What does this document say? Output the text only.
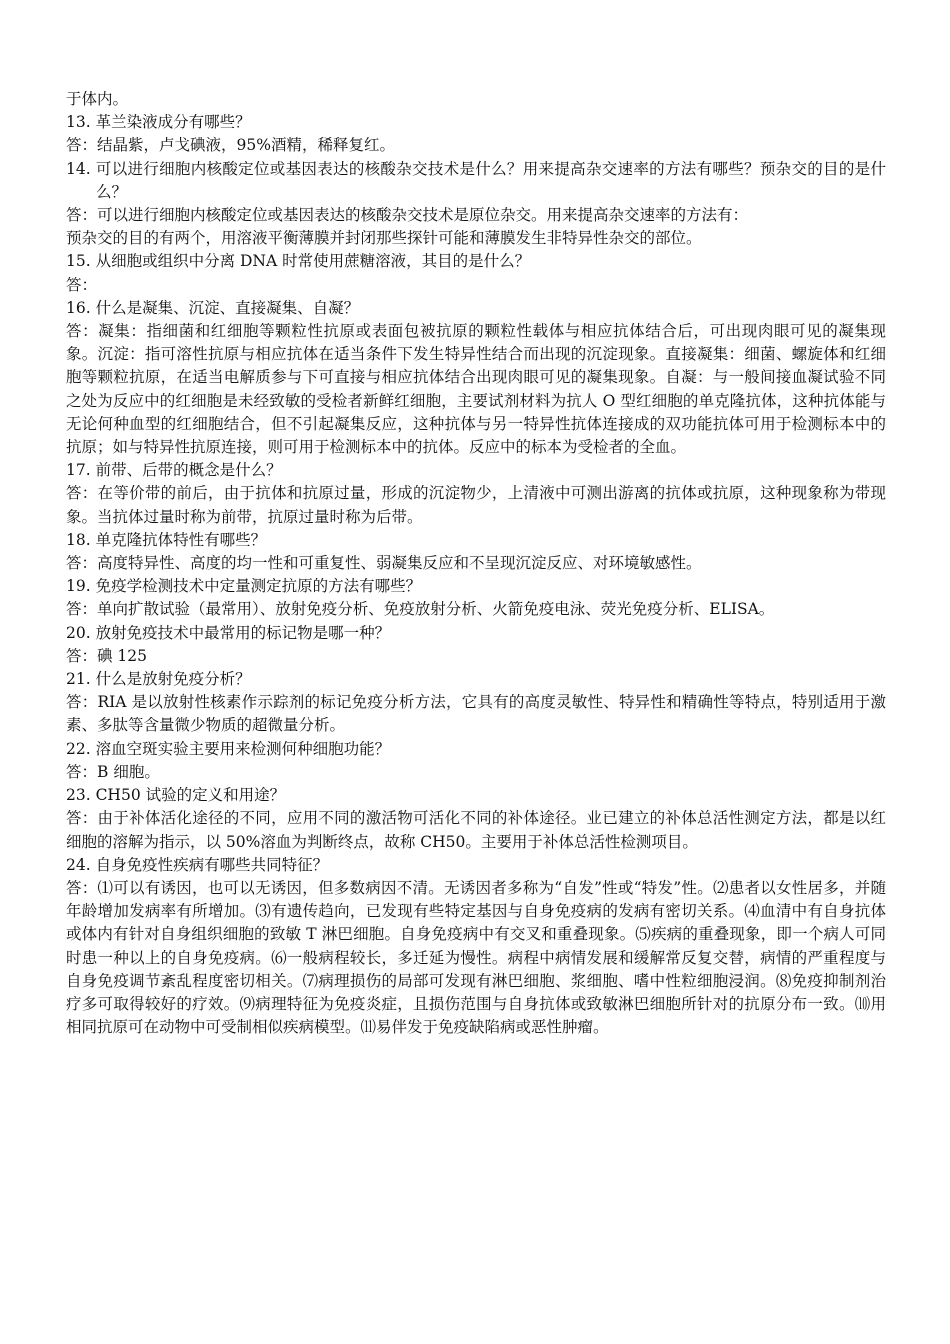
于体内。

13. 革兰染液成分有哪些？

答：结晶紫，卢戈碘液，95%酒精，稀释复红。

14. 可以进行细胞内核酸定位或基因表达的核酸杂交技术是什么？用来提高杂交速率的方法有哪些？预杂交的目的是什么？

答：可以进行细胞内核酸定位或基因表达的核酸杂交技术是原位杂交。用来提高杂交速率的方法有：

预杂交的目的有两个，用溶液平衡薄膜并封闭那些探针可能和薄膜发生非特异性杂交的部位。

15. 从细胞或组织中分离 DNA 时常使用蔗糖溶液，其目的是什么？

答：

16. 什么是凝集、沉淀、直接凝集、自凝？

答：凝集：指细菌和红细胞等颗粒性抗原或表面包被抗原的颗粒性载体与相应抗体结合后，可出现肉眼可见的凝集现象。沉淀：指可溶性抗原与相应抗体在适当条件下发生特异性结合而出现的沉淀现象。直接凝集：细菌、螺旋体和红细胞等颗粒抗原，在适当电解质参与下可直接与相应抗体结合出现肉眼可见的凝集现象。自凝：与一般间接血凝试验不同之处为反应中的红细胞是未经致敏的受检者新鲜红细胞，主要试剂材料为抗人 O 型红细胞的单克隆抗体，这种抗体能与无论何种血型的红细胞结合，但不引起凝集反应，这种抗体与另一特异性抗体连接成的双功能抗体可用于检测标本中的抗原；如与特异性抗原连接，则可用于检测标本中的抗体。反应中的标本为受检者的全血。

17. 前带、后带的概念是什么？

答：在等价带的前后，由于抗体和抗原过量，形成的沉淀物少，上清液中可测出游离的抗体或抗原，这种现象称为带现象。当抗体过量时称为前带，抗原过量时称为后带。

18. 单克隆抗体特性有哪些？

答：高度特异性、高度的均一性和可重复性、弱凝集反应和不呈现沉淀反应、对环境敏感性。

19. 免疫学检测技术中定量测定抗原的方法有哪些？

答：单向扩散试验（最常用）、放射免疫分析、免疫放射分析、火箭免疫电泳、荧光免疫分析、ELISA。

20. 放射免疫技术中最常用的标记物是哪一种？

答：碘 125

21. 什么是放射免疫分析？

答：RIA 是以放射性核素作示踪剂的标记免疫分析方法，它具有的高度灵敏性、特异性和精确性等特点，特别适用于激素、多肽等含量微少物质的超微量分析。

22. 溶血空斑实验主要用来检测何种细胞功能？

答：B 细胞。

23. CH50 试验的定义和用途？

答：由于补体活化途径的不同，应用不同的激活物可活化不同的补体途径。业已建立的补体总活性测定方法，都是以红细胞的溶解为指示，以 50%溶血为判断终点，故称 CH50。主要用于补体总活性检测项目。

24. 自身免疫性疾病有哪些共同特征？

答：⑴可以有诱因，也可以无诱因，但多数病因不清。无诱因者多称为“自发”性或“特发”性。⑵患者以女性居多，并随年龄增加发病率有所增加。⑶有遗传趋向，已发现有些特定基因与自身免疫病的发病有密切关系。⑷血清中有自身抗体或体内有针对自身组织细胞的致敏 T 淋巴细胞。自身免疫病中有交叉和重叠现象。⑸疾病的重叠现象，即一个病人可同时患一种以上的自身免疫病。⑹一般病程较长，多迁延为慢性。病程中病情发展和缓解常反复交替，病情的严重程度与自身免疫调节紊乱程度密切相关。⑺病理损伤的局部可发现有淋巴细胞、浆细胞、嗜中性粒细胞浸润。⑻免疫抑制剂治疗多可取得较好的疗效。⑼病理特征为免疫炎症，且损伤范围与自身抗体或致敏淋巴细胞所针对的抗原分布一致。⑽用相同抗原可在动物中可受制相似疾病模型。⑾易伴发于免疫缺陷病或恶性肿瘤。
